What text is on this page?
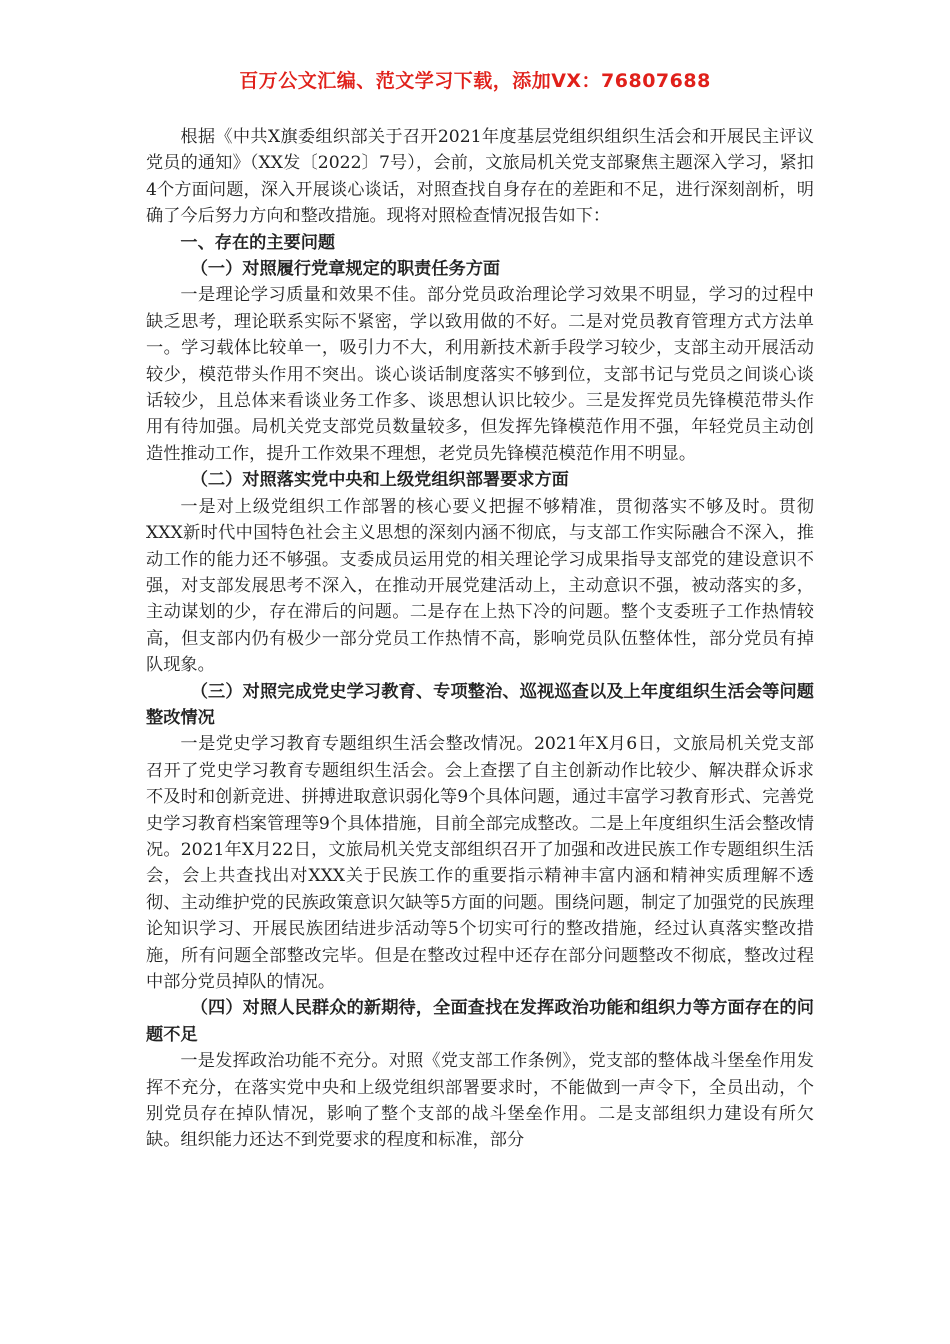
百万公文汇编、范文学习下载，添加VX：76807688

根据《中共X旗委组织部关于召开2021年度基层党组织组织生活会和开展民主评议党员的通知》（XX发〔2022〕7号），会前，文旅局机关党支部聚焦主题深入学习，紧扣4个方面问题，深入开展谈心谈话，对照查找自身存在的差距和不足，进行深刻剖析，明确了今后努力方向和整改措施。现将对照检查情况报告如下：

一、存在的主要问题
（一）对照履行党章规定的职责任务方面

一是理论学习质量和效果不佳。部分党员政治理论学习效果不明显，学习的过程中缺乏思考，理论联系实际不紧密，学以致用做的不好。二是对党员教育管理方式方法单一。学习载体比较单一，吸引力不大，利用新技术新手段学习较少，支部主动开展活动较少，模范带头作用不突出。谈心谈话制度落实不够到位，支部书记与党员之间谈心谈话较少，且总体来看谈业务工作多、谈思想认识比较少。三是发挥党员先锋模范带头作用有待加强。局机关党支部党员数量较多，但发挥先锋模范作用不强，年轻党员主动创造性推动工作，提升工作效果不理想，老党员先锋模范模范作用不明显。

（二）对照落实党中央和上级党组织部署要求方面

一是对上级党组织工作部署的核心要义把握不够精准，贯彻落实不够及时。贯彻XXX新时代中国特色社会主义思想的深刻内涵不彻底，与支部工作实际融合不深入，推动工作的能力还不够强。支委成员运用党的相关理论学习成果指导支部党的建设意识不强，对支部发展思考不深入，在推动开展党建活动上，主动意识不强，被动落实的多，主动谋划的少，存在滞后的问题。二是存在上热下冷的问题。整个支委班子工作热情较高，但支部内仍有极少一部分党员工作热情不高，影响党员队伍整体性，部分党员有掉队现象。

（三）对照完成党史学习教育、专项整治、巡视巡查以及上年度组织生活会等问题整改情况

一是党史学习教育专题组织生活会整改情况。2021年X月6日，文旅局机关党支部召开了党史学习教育专题组织生活会。会上查摆了自主创新动作比较少、解决群众诉求不及时和创新竞进、拼搏进取意识弱化等9个具体问题，通过丰富学习教育形式、完善党史学习教育档案管理等9个具体措施，目前全部完成整改。二是上年度组织生活会整改情况。2021年X月22日，文旅局机关党支部组织召开了加强和改进民族工作专题组织生活会，会上共查找出对XXX关于民族工作的重要指示精神丰富内涵和精神实质理解不透彻、主动维护党的民族政策意识欠缺等5方面的问题。围绕问题，制定了加强党的民族理论知识学习、开展民族团结进步活动等5个切实可行的整改措施，经过认真落实整改措施，所有问题全部整改完毕。但是在整改过程中还存在部分问题整改不彻底，整改过程中部分党员掉队的情况。

（四）对照人民群众的新期待，全面查找在发挥政治功能和组织力等方面存在的问题不足

一是发挥政治功能不充分。对照《党支部工作条例》，党支部的整体战斗堡垒作用发挥不充分，在落实党中央和上级党组织部署要求时，不能做到一声令下，全员出动，个别党员存在掉队情况，影响了整个支部的战斗堡垒作用。二是支部组织力建设有所欠缺。组织能力还达不到党要求的程度和标准，部分
